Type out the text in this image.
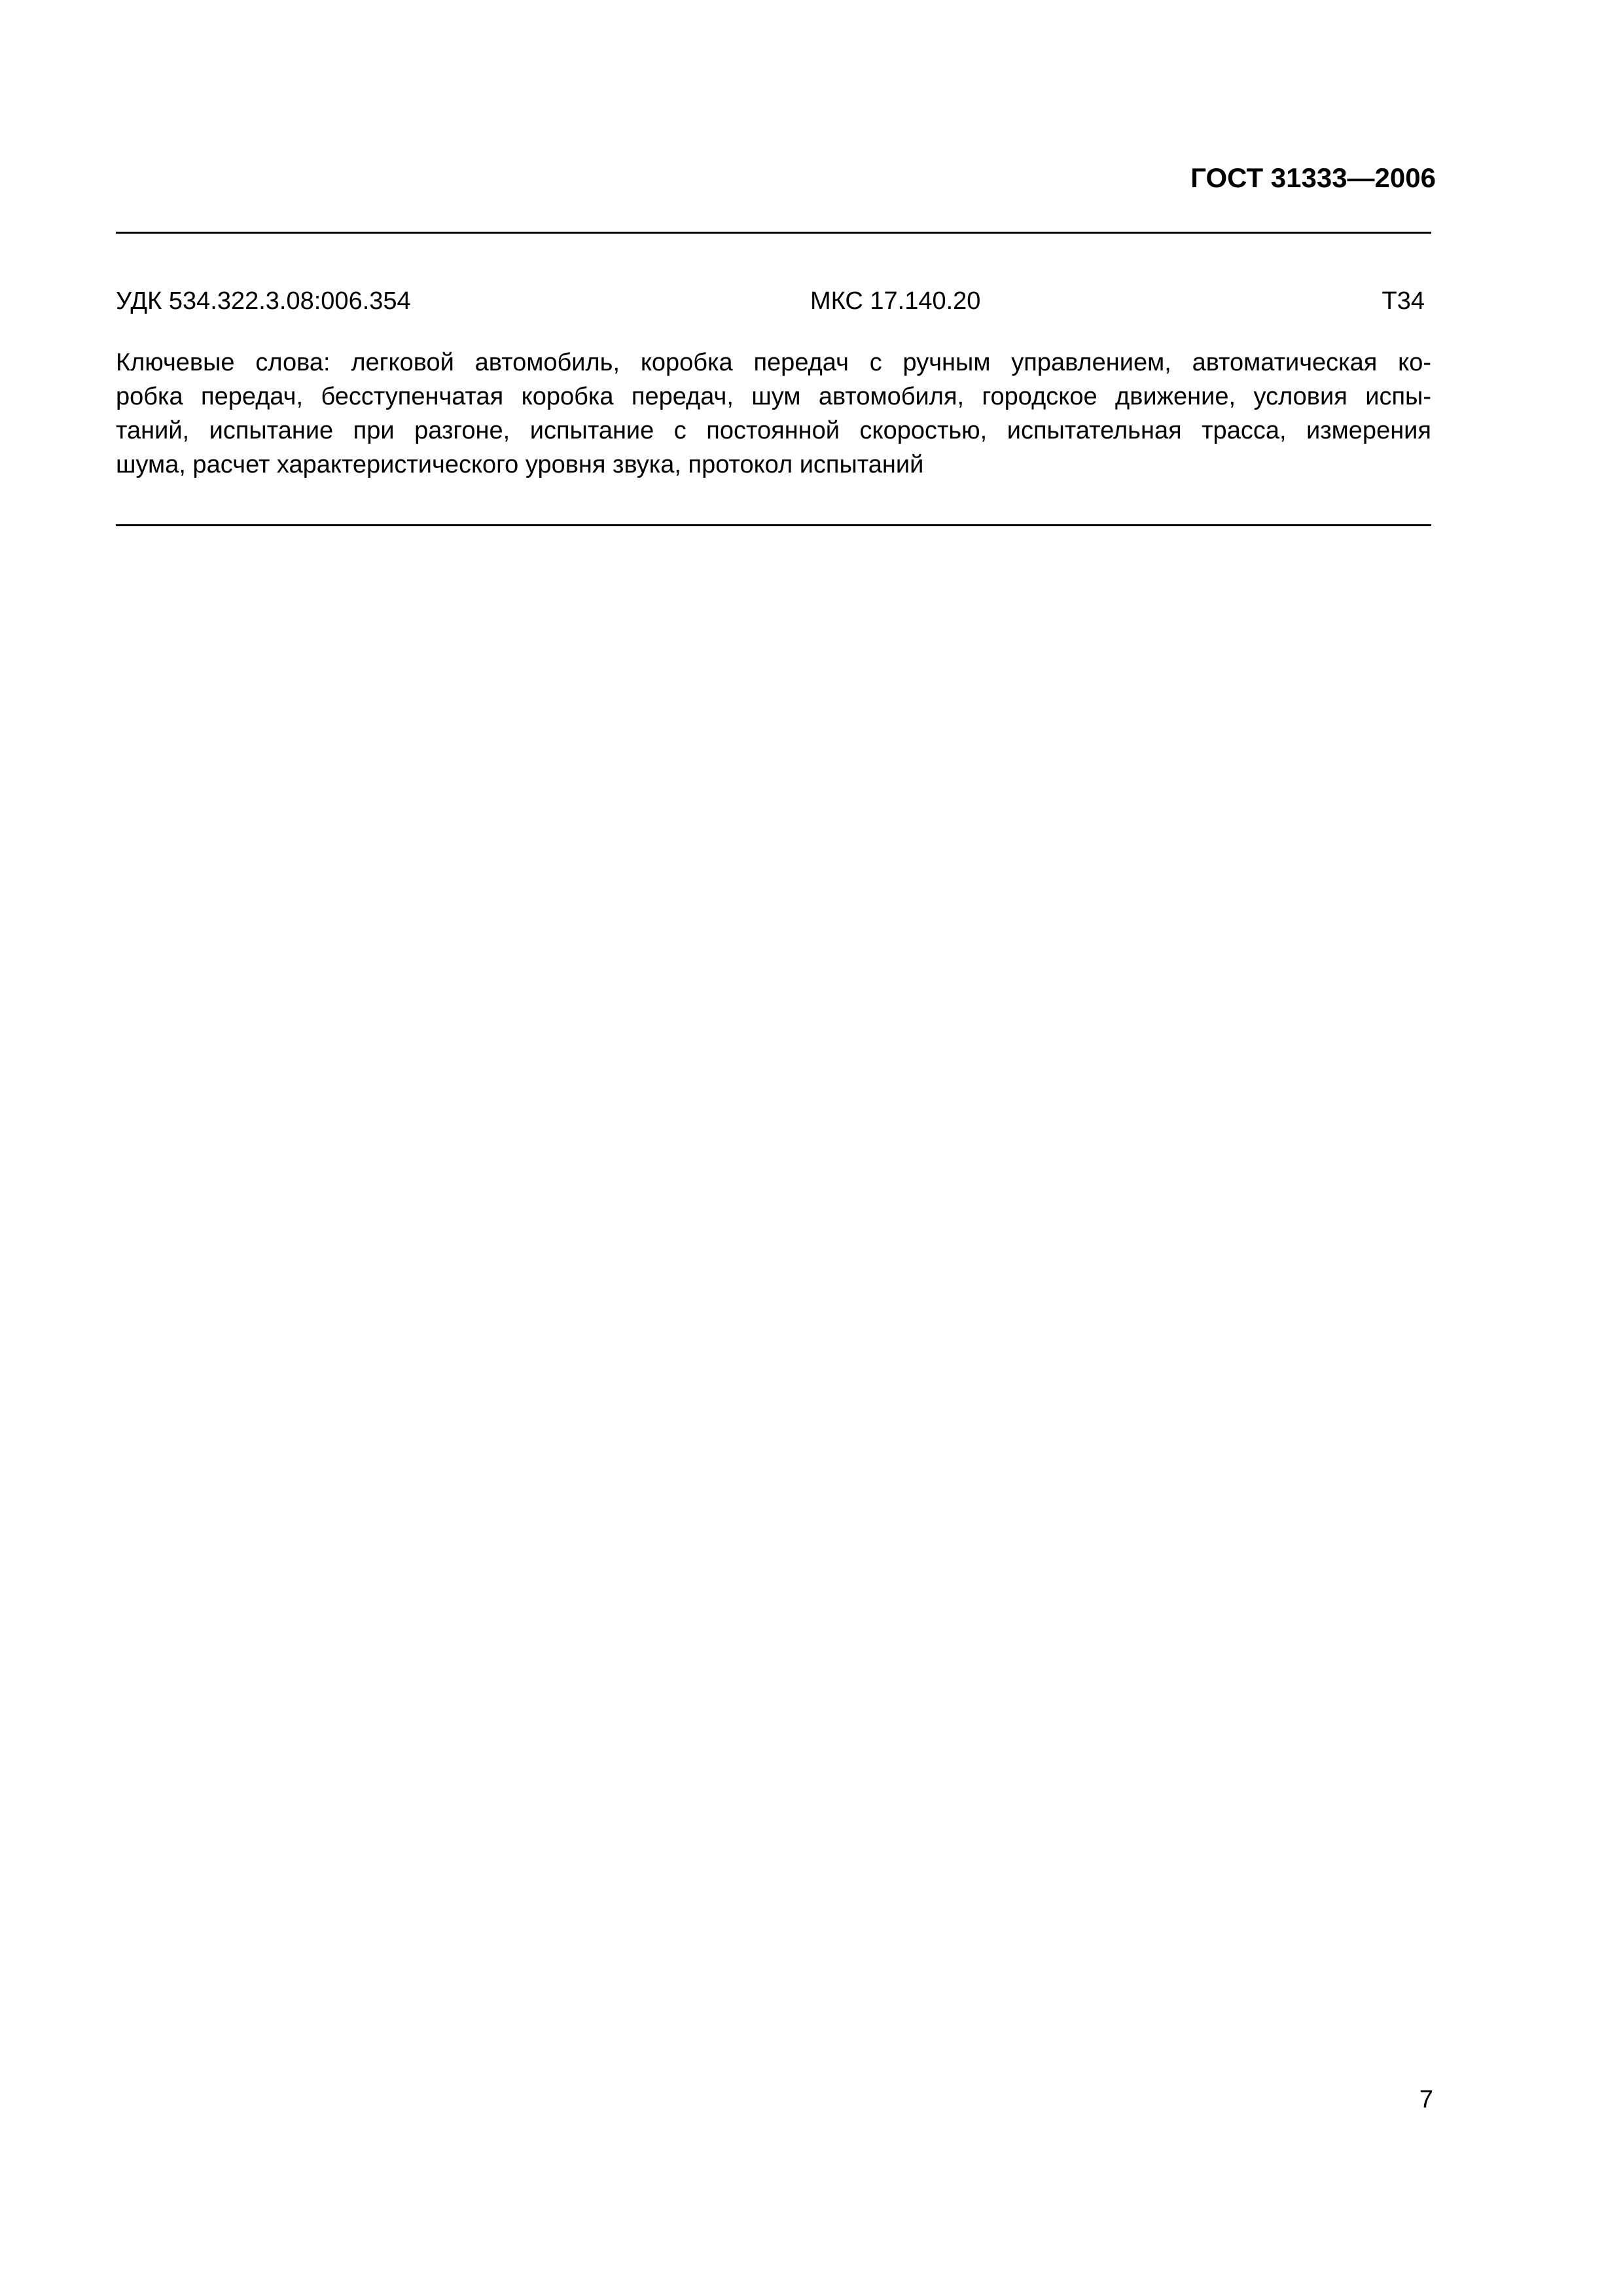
ГОСТ 31333—2006
УДК 534.322.3.08:006.354	МКС 17.140.20	Т34
Ключевые слова: легковой автомобиль, коробка передач с ручным управлением, автоматическая ко-
робка передач, бесступенчатая коробка передач, шум автомобиля, городское движение, условия испы-
таний, испытание при разгоне, испытание с постоянной скоростью, испытательная трасса, измерения
шума, расчет характеристического уровня звука, протокол испытаний
7
